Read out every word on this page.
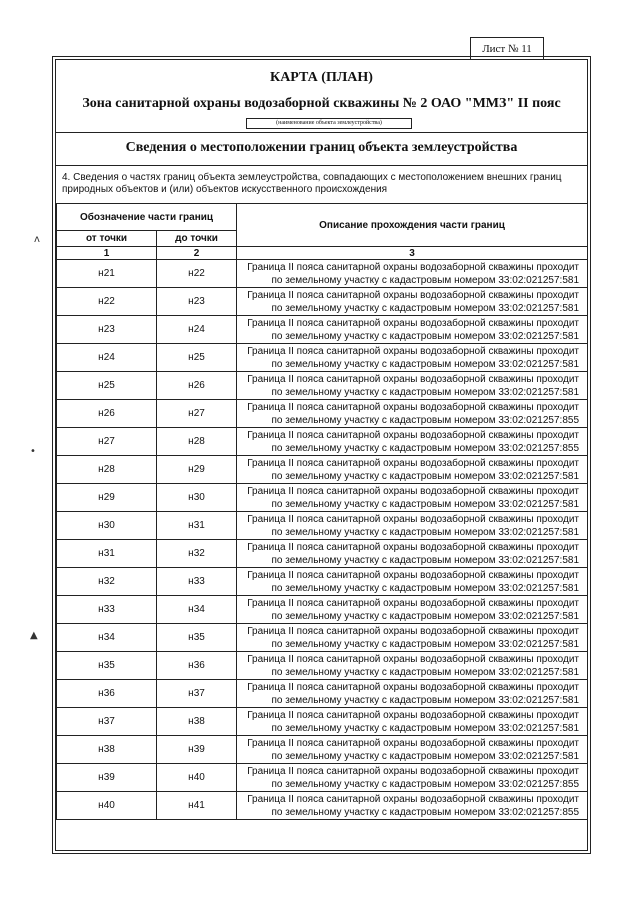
Лист № 11
ᴧ
•
▲
КАРТА (ПЛАН)
Зона санитарной охраны водозаборной скважины № 2 ОАО "ММЗ" II пояс
(наименование объекта землеустройства)
Сведения о местоположении границ объекта землеустройства
4. Сведения о частях границ объекта землеустройства, совпадающих с местоположением внешних границ природных объектов и (или) объектов искусственного происхождения
Обозначение части границ		Описание прохождения части границ
от точки	до точки	
1	2	3
н21	н22	Граница II пояса санитарной охраны водозаборной скважины проходит
по земельному участку с кадастровым номером 33:02:021257:581

н22	н23	Граница II пояса санитарной охраны водозаборной скважины проходит
по земельному участку с кадастровым номером 33:02:021257:581

н23	н24	Граница II пояса санитарной охраны водозаборной скважины проходит
по земельному участку с кадастровым номером 33:02:021257:581

н24	н25	Граница II пояса санитарной охраны водозаборной скважины проходит
по земельному участку с кадастровым номером 33:02:021257:581

н25	н26	Граница II пояса санитарной охраны водозаборной скважины проходит
по земельному участку с кадастровым номером 33:02:021257:581

н26	н27	Граница II пояса санитарной охраны водозаборной скважины проходит
по земельному участку с кадастровым номером 33:02:021257:855

н27	н28	Граница II пояса санитарной охраны водозаборной скважины проходит
по земельному участку с кадастровым номером 33:02:021257:855

н28	н29	Граница II пояса санитарной охраны водозаборной скважины проходит
по земельному участку с кадастровым номером 33:02:021257:581

н29	н30	Граница II пояса санитарной охраны водозаборной скважины проходит
по земельному участку с кадастровым номером 33:02:021257:581

н30	н31	Граница II пояса санитарной охраны водозаборной скважины проходит
по земельному участку с кадастровым номером 33:02:021257:581

н31	н32	Граница II пояса санитарной охраны водозаборной скважины проходит
по земельному участку с кадастровым номером 33:02:021257:581

н32	н33	Граница II пояса санитарной охраны водозаборной скважины проходит
по земельному участку с кадастровым номером 33:02:021257:581

н33	н34	Граница II пояса санитарной охраны водозаборной скважины проходит
по земельному участку с кадастровым номером 33:02:021257:581

н34	н35	Граница II пояса санитарной охраны водозаборной скважины проходит
по земельному участку с кадастровым номером 33:02:021257:581

н35	н36	Граница II пояса санитарной охраны водозаборной скважины проходит
по земельному участку с кадастровым номером 33:02:021257:581

н36	н37	Граница II пояса санитарной охраны водозаборной скважины проходит
по земельному участку с кадастровым номером 33:02:021257:581

н37	н38	Граница II пояса санитарной охраны водозаборной скважины проходит
по земельному участку с кадастровым номером 33:02:021257:581

н38	н39	Граница II пояса санитарной охраны водозаборной скважины проходит
по земельному участку с кадастровым номером 33:02:021257:581

н39	н40	Граница II пояса санитарной охраны водозаборной скважины проходит
по земельному участку с кадастровым номером 33:02:021257:855

н40	н41	Граница II пояса санитарной охраны водозаборной скважины проходит
по земельному участку с кадастровым номером 33:02:021257:855
